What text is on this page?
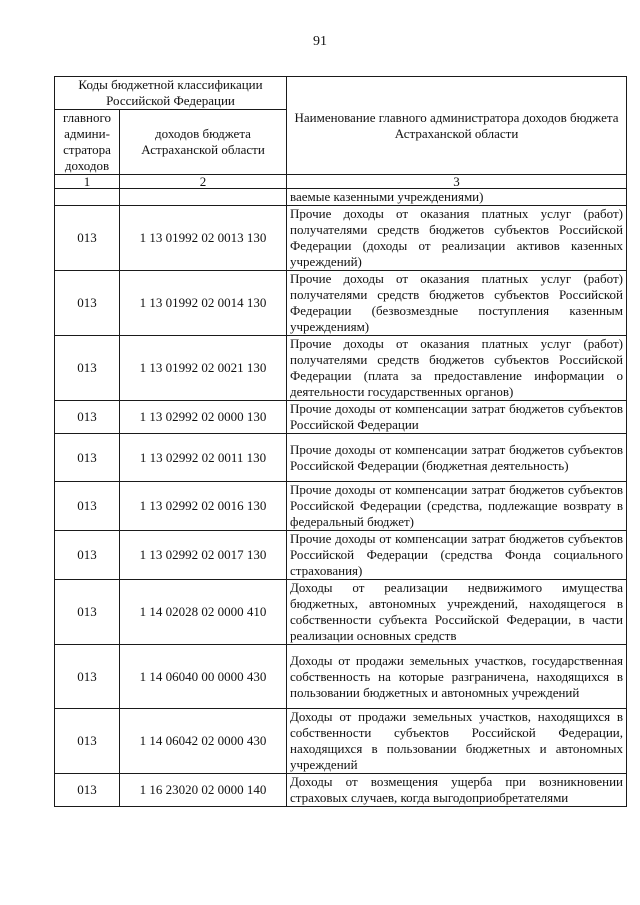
91
Коды бюджетной классификации Российской Федерации		Наименование главного администратора доходов бюджета Астраханской области
главного админи-стратора доходов	доходов бюджета Астраханской области	
1	2	3
		ваемые казенными учреждениями)
013	1 13 01992 02 0013 130	Прочие доходы от оказания платных услуг (работ) получателями средств бюджетов субъектов Российской Федерации (доходы от реализации активов казенных учреждений)
013	1 13 01992 02 0014 130	Прочие доходы от оказания платных услуг (работ) получателями средств бюджетов субъектов Российской Федерации (безвозмездные поступления казенным учреждениям)
013	1 13 01992 02 0021 130	Прочие доходы от оказания платных услуг (работ) получателями средств бюджетов субъектов Российской Федерации (плата за предоставление информации о деятельности государственных органов)
013	1 13 02992 02 0000 130	Прочие доходы от компенсации затрат бюджетов субъектов Российской Федерации
013	1 13 02992 02 0011 130	Прочие доходы от компенсации затрат бюджетов субъектов Российской Федерации (бюджетная деятельность)
013	1 13 02992 02 0016 130	Прочие доходы от компенсации затрат бюджетов субъектов Российской Федерации (средства, подлежащие возврату в федеральный бюджет)
013	1 13 02992 02 0017 130	Прочие доходы от компенсации затрат бюджетов субъектов Российской Федерации (средства Фонда социального страхования)
013	1 14 02028 02 0000 410	Доходы от реализации недвижимого имущества бюджетных, автономных учреждений, находящегося в собственности субъекта Российской Федерации, в части реализации основных средств
013	1 14 06040 00 0000 430	Доходы от продажи земельных участков, государственная собственность на которые разграничена, находящихся в пользовании бюджетных и автономных учреждений
013	1 14 06042 02 0000 430	Доходы от продажи земельных участков, находящихся в собственности субъектов Российской Федерации, находящихся в пользовании бюджетных и автономных учреждений
013	1 16 23020 02 0000 140	Доходы от возмещения ущерба при возникновении страховых случаев, когда выгодоприобретателями
